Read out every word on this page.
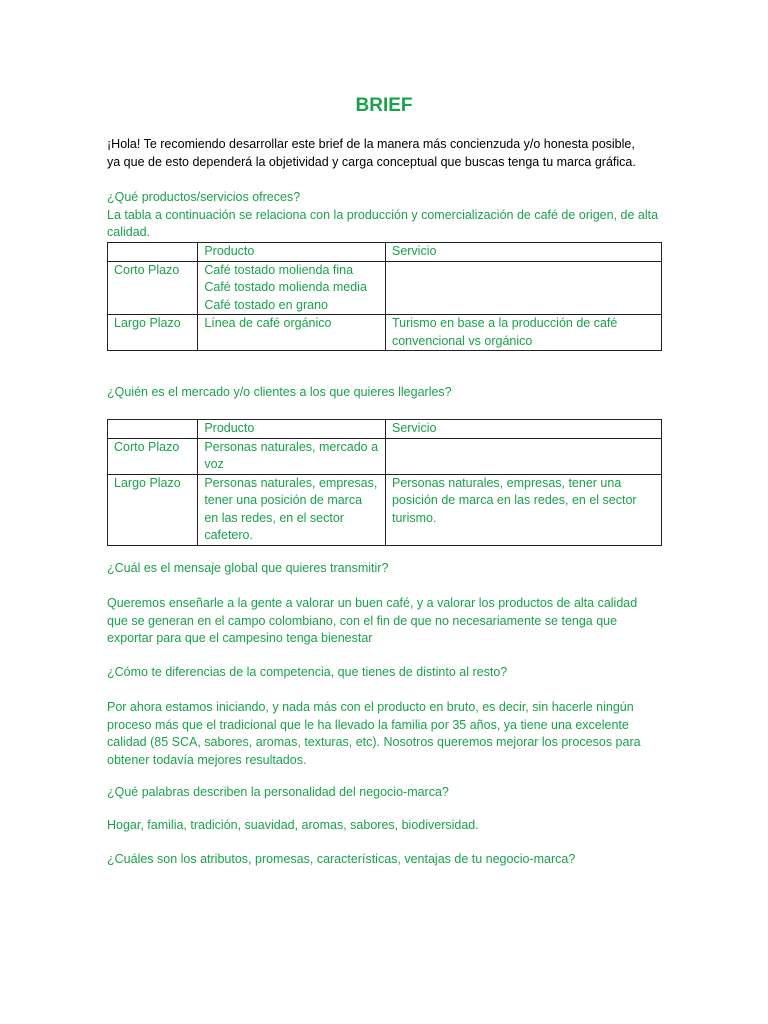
BRIEF
¡Hola! Te recomiendo desarrollar este brief de la manera más concienzuda y/o honesta posible,
ya que de esto dependerá la objetividad y carga conceptual que buscas tenga tu marca gráfica.
¿Qué productos/servicios ofreces?
La tabla a continuación se relaciona con la producción y comercialización de café de origen, de alta
calidad.
	Producto	Servicio
Corto Plazo	Café tostado molienda fina
Café tostado molienda media
Café tostado en grano	

Largo Plazo	Línea de café orgánico	Turismo en base a la producción de café
convencional vs orgánico
¿Quién es el mercado y/o clientes a los que quieres llegarles?
	Producto	Servicio
Corto Plazo	Personas naturales, mercado a
voz	

Largo Plazo	Personas naturales, empresas,
tener una posición de marca
en las redes, en el sector
cafetero.	Personas naturales, empresas, tener una
posición de marca en las redes, en el sector
turismo.
¿Cuál es el mensaje global que quieres transmitir?
Queremos enseñarle a la gente a valorar un buen café, y a valorar los productos de alta calidad
que se generan en el campo colombiano, con el fin de que no necesariamente se tenga que
exportar para que el campesino tenga bienestar
¿Cómo te diferencias de la competencia, que tienes de distinto al resto?
Por ahora estamos iniciando, y nada más con el producto en bruto, es decir, sin hacerle ningún
proceso más que el tradicional que le ha llevado la familia por 35 años, ya tiene una excelente
calidad (85 SCA, sabores, aromas, texturas, etc). Nosotros queremos mejorar los procesos para
obtener todavía mejores resultados.
¿Qué palabras describen la personalidad del negocio-marca?
Hogar, familia, tradición, suavidad, aromas, sabores, biodiversidad.
¿Cuáles son los atributos, promesas, características, ventajas de tu negocio-marca?
